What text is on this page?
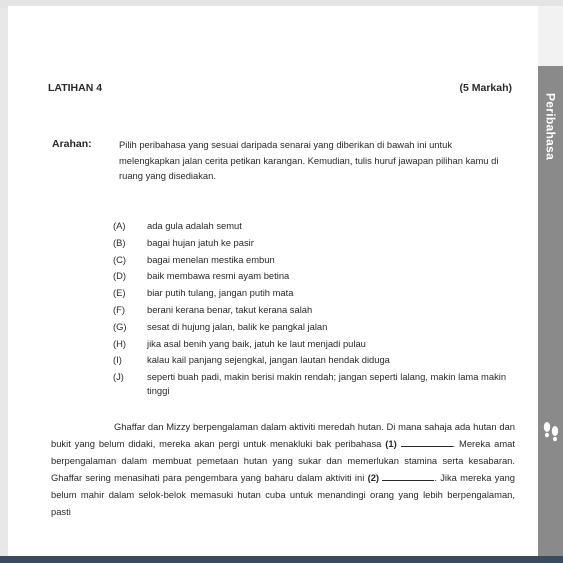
LATIHAN 4	(5 Markah)
Arahan:	Pilih peribahasa yang sesuai daripada senarai yang diberikan di bawah ini untuk melengkapkan jalan cerita petikan karangan. Kemudian, tulis huruf jawapan pilihan kamu di ruang yang disediakan.
(A)	ada gula adalah semut
(B)	bagai hujan jatuh ke pasir
(C)	bagai menelan mestika embun
(D)	baik membawa resmi ayam betina
(E)	biar putih tulang, jangan putih mata
(F)	berani kerana benar, takut kerana salah
(G)	sesat di hujung jalan, balik ke pangkal jalan
(H)	jika asal benih yang baik, jatuh ke laut menjadi pulau
(I)	kalau kail panjang sejengkal, jangan lautan hendak diduga
(J)	seperti buah padi, makin berisi makin rendah; jangan seperti lalang, makin lama makin tinggi

Ghaffar dan Mizzy berpengalaman dalam aktiviti meredah hutan. Di mana sahaja ada hutan dan bukit yang belum didaki, mereka akan pergi untuk menakluki bak peribahasa (1)	. Mereka amat berpengalaman dalam membuat pemetaan hutan yang sukar dan memerlukan stamina serta kesabaran. Ghaffar sering menasihati para pengembara yang baharu dalam aktiviti ini (2)	. Jika mereka yang belum mahir dalam selok-belok memasuki hutan cuba untuk menandingi orang yang lebih berpengalaman, pasti

Peribahasa
